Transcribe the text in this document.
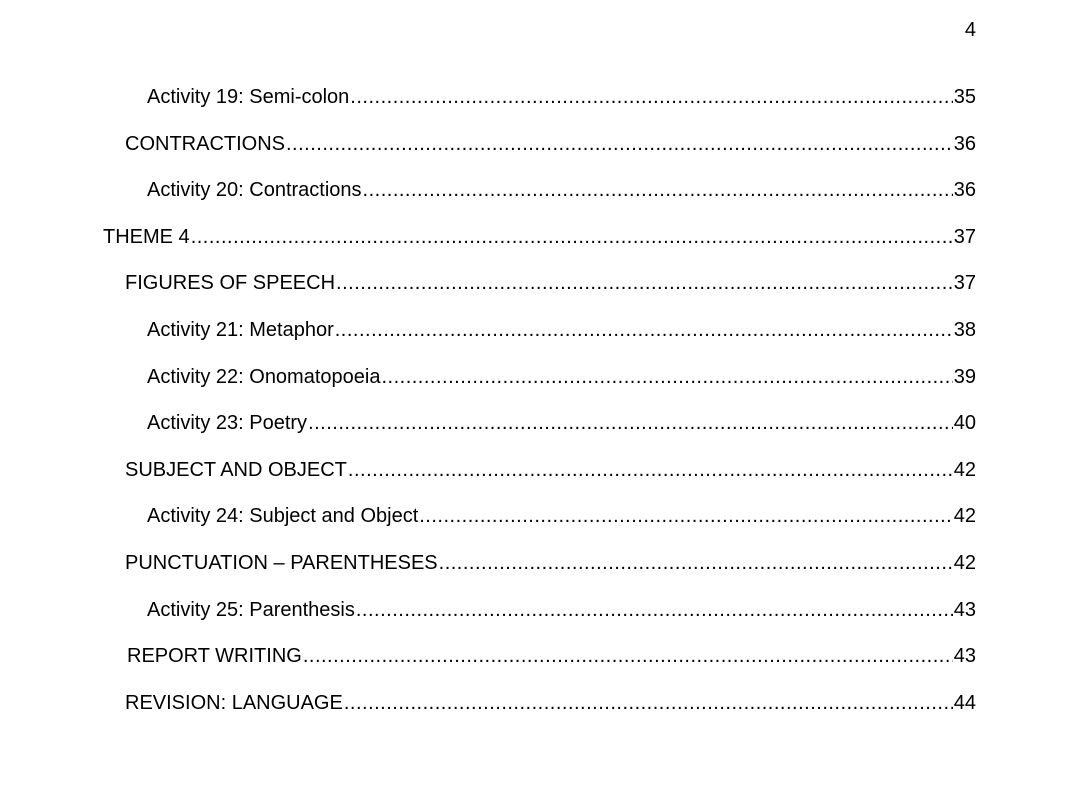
4
Activity 19: Semi-colon .....	35
CONTRACTIONS .....	36
Activity 20: Contractions .....	36
THEME 4 .....	37
FIGURES OF SPEECH .....	37
Activity 21: Metaphor .....	38
Activity 22: Onomatopoeia .....	39
Activity 23: Poetry .....	40
SUBJECT AND OBJECT .....	42
Activity 24: Subject and Object .....	42
PUNCTUATION – PARENTHESES .....	42
Activity 25: Parenthesis .....	43
REPORT WRITING .....	43
REVISION: LANGUAGE .....	44
